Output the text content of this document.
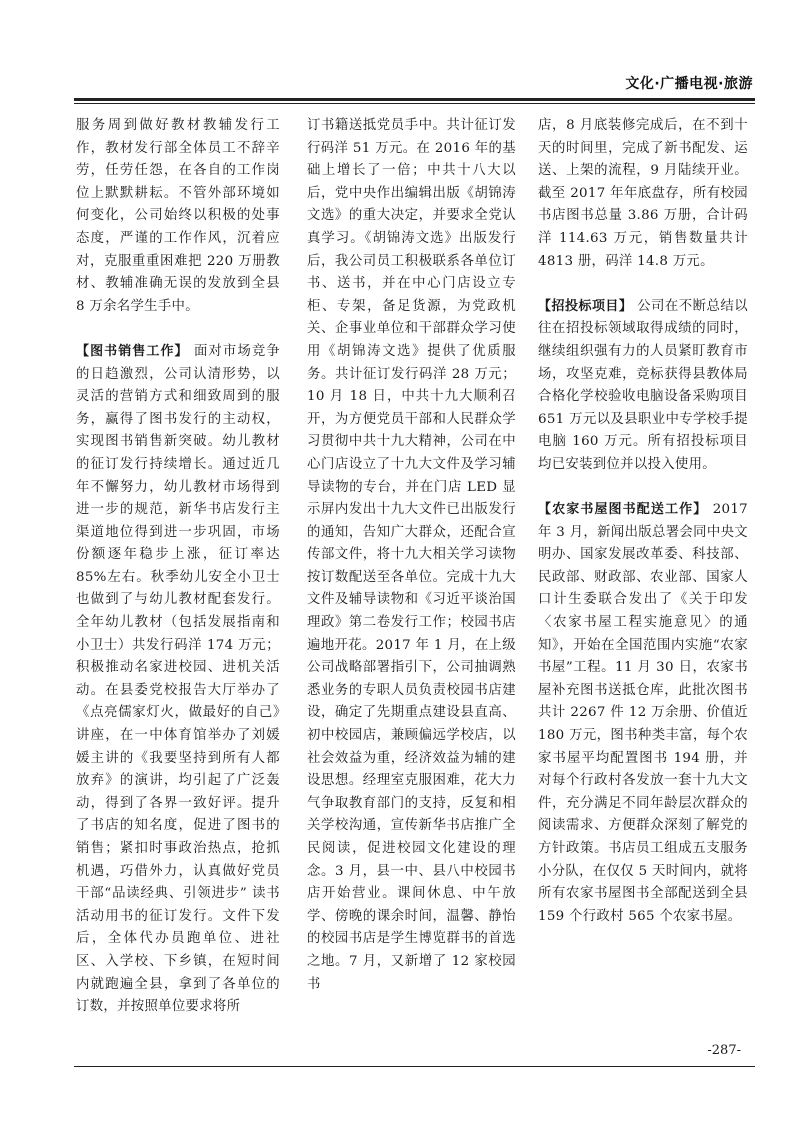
文化·广播电视·旅游

服务周到做好教材教辅发行工作，教材发行部全体员工不辞辛劳，任劳任怨，在各自的工作岗位上默默耕耘。不管外部环境如何变化，公司始终以积极的处事态度，严谨的工作作风，沉着应对，克服重重困难把 220 万册教材、教辅准确无误的发放到全县 8 万余名学生手中。

【图书销售工作】 面对市场竞争的日趋激烈，公司认清形势，以灵活的营销方式和细致周到的服务，赢得了图书发行的主动权，实现图书销售新突破。幼儿教材的征订发行持续增长。通过近几年不懈努力，幼儿教材市场得到进一步的规范，新华书店发行主渠道地位得到进一步巩固，市场份额逐年稳步上涨，征订率达 85%左右。秋季幼儿安全小卫士也做到了与幼儿教材配套发行。全年幼儿教材（包括发展指南和小卫士）共发行码洋 174 万元；积极推动名家进校园、进机关活动。在县委党校报告大厅举办了《点亮儒家灯火，做最好的自己》讲座，在一中体育馆举办了刘媛媛主讲的《我要坚持到所有人都放弃》的演讲，均引起了广泛轰动，得到了各界一致好评。提升了书店的知名度，促进了图书的销售；紧扣时事政治热点，抢抓机遇，巧借外力，认真做好党员干部“品读经典、引领进步” 读书活动用书的征订发行。文件下发后，全体代办员跑单位、进社区、入学校、下乡镇，在短时间内就跑遍全县，拿到了各单位的订数，并按照单位要求将所

订书籍送抵党员手中。共计征订发行码洋 51 万元。在 2016 年的基础上增长了一倍；中共十八大以后，党中央作出编辑出版《胡锦涛文选》的重大决定，并要求全党认真学习。《胡锦涛文选》出版发行后，我公司员工积极联系各单位订书、送书，并在中心门店设立专柜、专架，备足货源，为党政机关、企事业单位和干部群众学习使用《胡锦涛文选》提供了优质服务。共计征订发行码洋 28 万元；10 月 18 日，中共十九大顺利召开，为方便党员干部和人民群众学习贯彻中共十九大精神，公司在中心门店设立了十九大文件及学习辅导读物的专台，并在门店 LED 显示屏内发出十九大文件已出版发行的通知，告知广大群众，还配合宣传部文件，将十九大相关学习读物按订数配送至各单位。完成十九大文件及辅导读物和《习近平谈治国理政》第二卷发行工作；校园书店遍地开花。2017 年 1 月，在上级公司战略部署指引下，公司抽调熟悉业务的专职人员负责校园书店建设，确定了先期重点建设县直高、初中校园店，兼顾偏远学校店，以社会效益为重，经济效益为辅的建设思想。经理室克服困难，花大力气争取教育部门的支持，反复和相关学校沟通，宣传新华书店推广全民阅读，促进校园文化建设的理念。3 月，县一中、县八中校园书店开始营业。课间休息、中午放学、傍晚的课余时间，温馨、静怡的校园书店是学生博览群书的首选之地。7 月，又新增了 12 家校园书

店，8 月底装修完成后，在不到十天的时间里，完成了新书配发、运送、上架的流程，9 月陆续开业。截至 2017 年年底盘存，所有校园书店图书总量 3.86 万册，合计码洋 114.63 万元，销售数量共计 4813 册，码洋 14.8 万元。

【招投标项目】 公司在不断总结以往在招投标领域取得成绩的同时，继续组织强有力的人员紧盯教育市场，攻坚克难，竞标获得县教体局合格化学校验收电脑设备采购项目 651 万元以及县职业中专学校手提电脑 160 万元。所有招投标项目均已安装到位并以投入使用。

【农家书屋图书配送工作】 2017 年 3 月，新闻出版总署会同中央文明办、国家发展改革委、科技部、民政部、财政部、农业部、国家人口计生委联合发出了《关于印发〈农家书屋工程实施意见〉的通知》，开始在全国范围内实施“农家书屋”工程。11 月 30 日，农家书屋补充图书送抵仓库，此批次图书共计 2267 件 12 万余册、价值近 180 万元，图书种类丰富，每个农家书屋平均配置图书 194 册，并对每个行政村各发放一套十九大文件，充分满足不同年龄层次群众的阅读需求、方便群众深刻了解党的方针政策。书店员工组成五支服务小分队，在仅仅 5 天时间内，就将所有农家书屋图书全部配送到全县 159 个行政村 565 个农家书屋。

-287-
